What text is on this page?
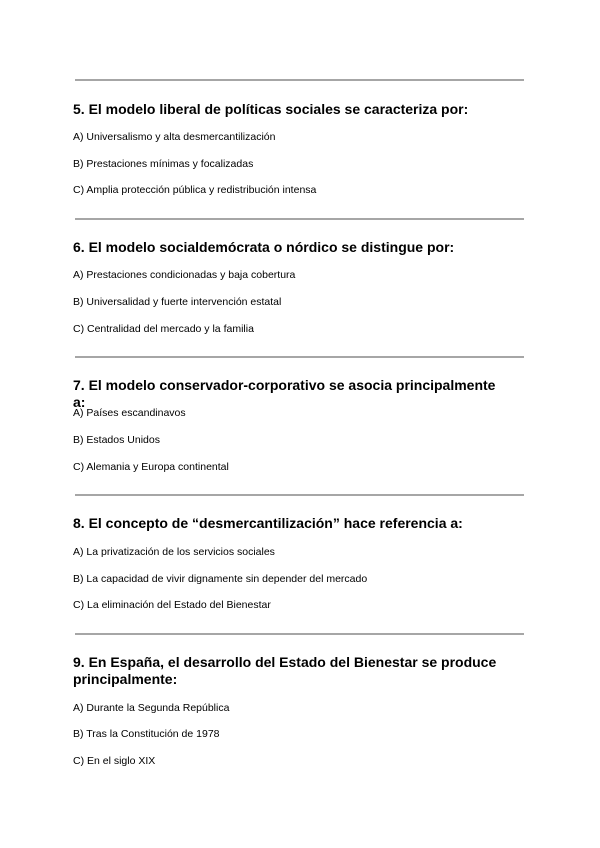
5. El modelo liberal de políticas sociales se caracteriza por:
A) Universalismo y alta desmercantilización
B) Prestaciones mínimas y focalizadas
C) Amplia protección pública y redistribución intensa
6. El modelo socialdemócrata o nórdico se distingue por:
A) Prestaciones condicionadas y baja cobertura
B) Universalidad y fuerte intervención estatal
C) Centralidad del mercado y la familia
7. El modelo conservador-corporativo se asocia principalmente a:
A) Países escandinavos
B) Estados Unidos
C) Alemania y Europa continental
8. El concepto de “desmercantilización” hace referencia a:
A) La privatización de los servicios sociales
B) La capacidad de vivir dignamente sin depender del mercado
C) La eliminación del Estado del Bienestar
9. En España, el desarrollo del Estado del Bienestar se produce principalmente:
A) Durante la Segunda República
B) Tras la Constitución de 1978
C) En el siglo XIX
